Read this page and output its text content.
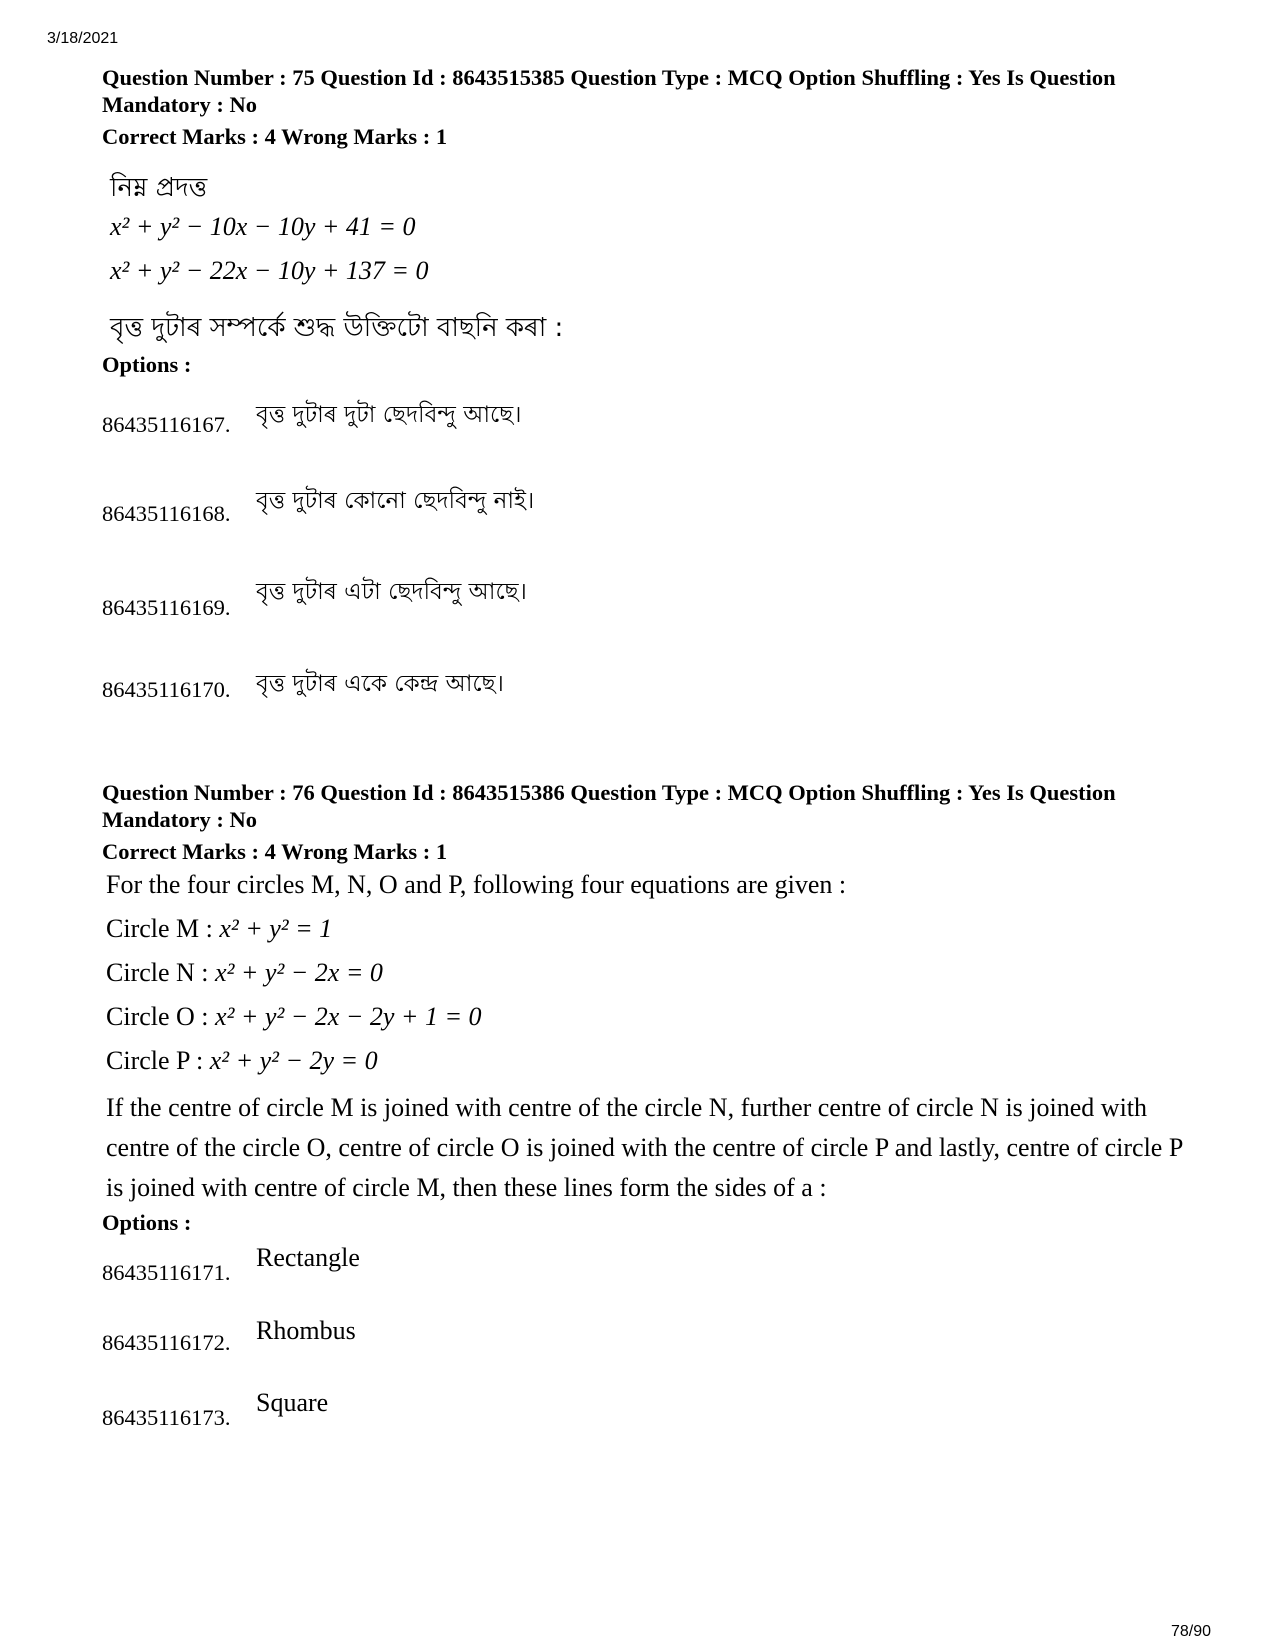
3/18/2021
Question Number : 75 Question Id : 8643515385 Question Type : MCQ Option Shuffling : Yes Is Question Mandatory : No
Correct Marks : 4 Wrong Marks : 1
নিম্ন প্ৰদত্ত
x² + y² − 10x − 10y + 41 = 0
x² + y² − 22x − 10y + 137 = 0
বৃত্ত দুটাৰ সম্পৰ্কে শুদ্ধ উক্তিটো বাছনি কৰা :
Options :
86435116167. বৃত্ত দুটাৰ দুটা ছেদবিন্দু আছে।
86435116168. বৃত্ত দুটাৰ কোনো ছেদবিন্দু নাই।
86435116169.
বৃত্ত দুটাৰ এটা ছেদবিন্দু আছে।
86435116170. বৃত্ত দুটাৰ একে কেন্দ্ৰ আছে।
Question Number : 76 Question Id : 8643515386 Question Type : MCQ Option Shuffling : Yes Is Question Mandatory : No
Correct Marks : 4 Wrong Marks : 1
For the four circles M, N, O and P, following four equations are given :
Circle M : x² + y² = 1
Circle N : x² + y² − 2x = 0
Circle O : x² + y² − 2x − 2y + 1 = 0
Circle P : x² + y² − 2y = 0
If the centre of circle M is joined with centre of the circle N, further centre of circle N is joined with centre of the circle O, centre of circle O is joined with the centre of circle P and lastly, centre of circle P is joined with centre of circle M, then these lines form the sides of a :
Options :
86435116171.
Rectangle
86435116172. Rhombus
86435116173.
Square
78/90
